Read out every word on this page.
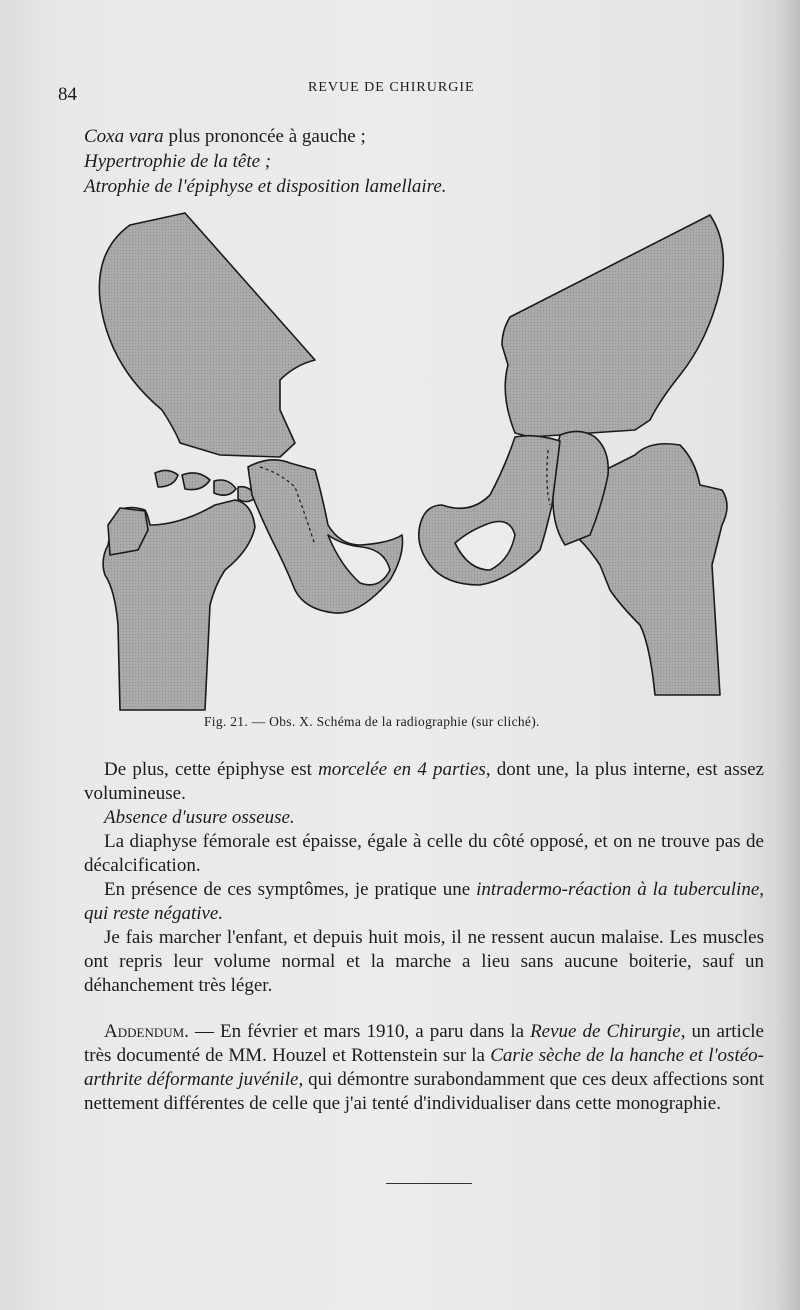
84	REVUE DE CHIRURGIE
Coxa vara plus prononcée à gauche ;
Hypertrophie de la tête ;
Atrophie de l'épiphyse et disposition lamellaire.
Fig. 21. — Obs. X. Schéma de la radiographie (sur cliché).

De plus, cette épiphyse est morcelée en 4 parties, dont une, la plus interne, est assez volumineuse.

Absence d'usure osseuse.

La diaphyse fémorale est épaisse, égale à celle du côté opposé, et on ne trouve pas de décalcification.

En présence de ces symptômes, je pratique une intradermo-réaction à la tuberculine, qui reste négative.

Je fais marcher l'enfant, et depuis huit mois, il ne ressent aucun malaise. Les muscles ont repris leur volume normal et la marche a lieu sans aucune boiterie, sauf un déhanchement très léger.

Addendum. — En février et mars 1910, a paru dans la Revue de Chirurgie, un article très documenté de MM. Houzel et Rottenstein sur la Carie sèche de la hanche et l'ostéo-arthrite déformante juvénile, qui démontre surabondamment que ces deux affections sont nettement différentes de celle que j'ai tenté d'individualiser dans cette monographie.
